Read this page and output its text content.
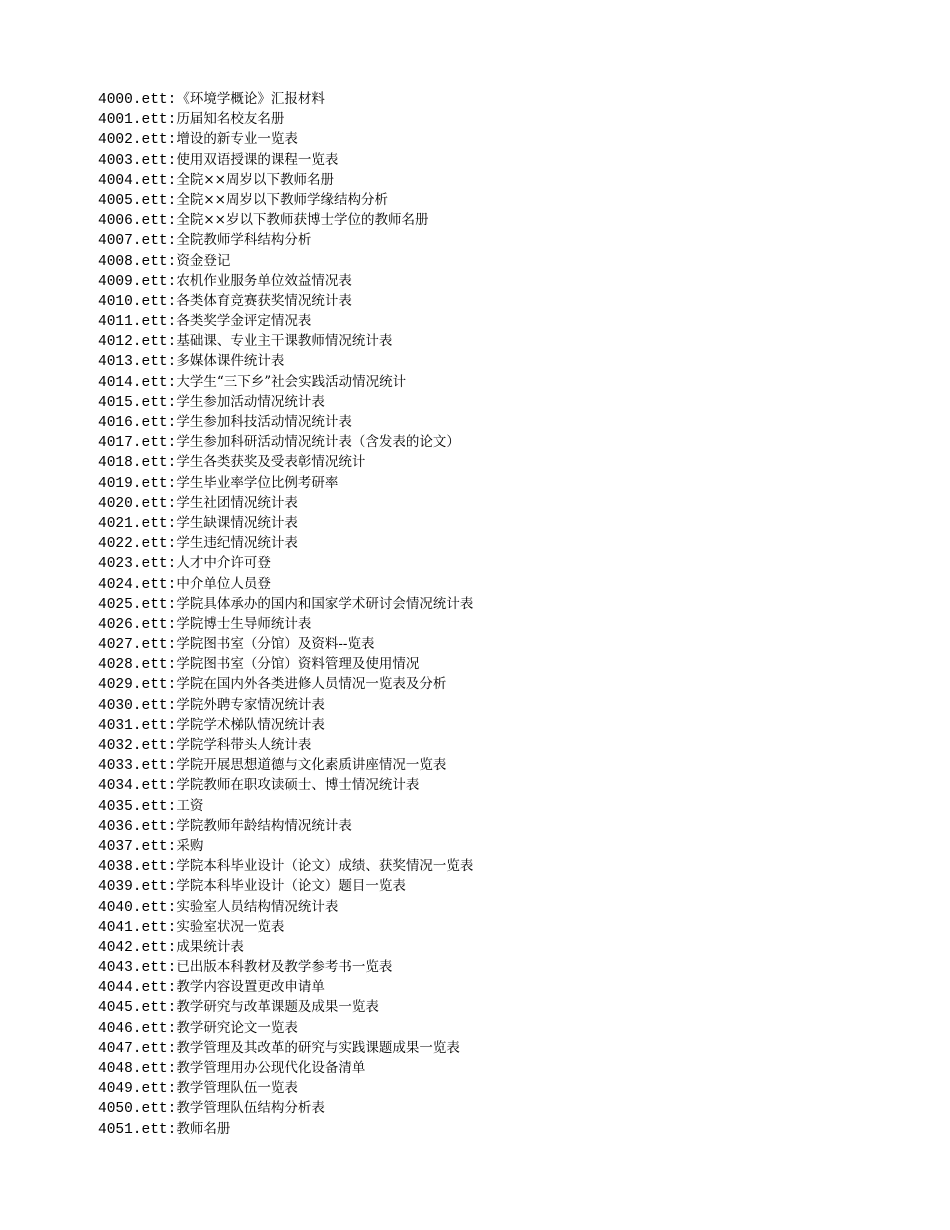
4000.ett:《环境学概论》汇报材料
4001.ett:历届知名校友名册
4002.ett:增设的新专业一览表
4003.ett:使用双语授课的课程一览表
4004.ett:全院××周岁以下教师名册
4005.ett:全院××周岁以下教师学缘结构分析
4006.ett:全院××岁以下教师获博士学位的教师名册
4007.ett:全院教师学科结构分析
4008.ett:资金登记
4009.ett:农机作业服务单位效益情况表
4010.ett:各类体育竞赛获奖情况统计表
4011.ett:各类奖学金评定情况表
4012.ett:基础课、专业主干课教师情况统计表
4013.ett:多媒体课件统计表
4014.ett:大学生“三下乡”社会实践活动情况统计
4015.ett:学生参加活动情况统计表
4016.ett:学生参加科技活动情况统计表
4017.ett:学生参加科研活动情况统计表（含发表的论文）
4018.ett:学生各类获奖及受表彰情况统计
4019.ett:学生毕业率学位比例考研率
4020.ett:学生社团情况统计表
4021.ett:学生缺课情况统计表
4022.ett:学生违纪情况统计表
4023.ett:人才中介许可登
4024.ett:中介单位人员登
4025.ett:学院具体承办的国内和国家学术研讨会情况统计表
4026.ett:学院博士生导师统计表
4027.ett:学院图书室（分馆）及资料--览表
4028.ett:学院图书室（分馆）资料管理及使用情况
4029.ett:学院在国内外各类进修人员情况一览表及分析
4030.ett:学院外聘专家情况统计表
4031.ett:学院学术梯队情况统计表
4032.ett:学院学科带头人统计表
4033.ett:学院开展思想道德与文化素质讲座情况一览表
4034.ett:学院教师在职攻读硕士、博士情况统计表
4035.ett:工资
4036.ett:学院教师年龄结构情况统计表
4037.ett:采购
4038.ett:学院本科毕业设计（论文）成绩、获奖情况一览表
4039.ett:学院本科毕业设计（论文）题目一览表
4040.ett:实验室人员结构情况统计表
4041.ett:实验室状况一览表
4042.ett:成果统计表
4043.ett:已出版本科教材及教学参考书一览表
4044.ett:教学内容设置更改申请单
4045.ett:教学研究与改革课题及成果一览表
4046.ett:教学研究论文一览表
4047.ett:教学管理及其改革的研究与实践课题成果一览表
4048.ett:教学管理用办公现代化设备清单
4049.ett:教学管理队伍一览表
4050.ett:教学管理队伍结构分析表
4051.ett:教师名册
